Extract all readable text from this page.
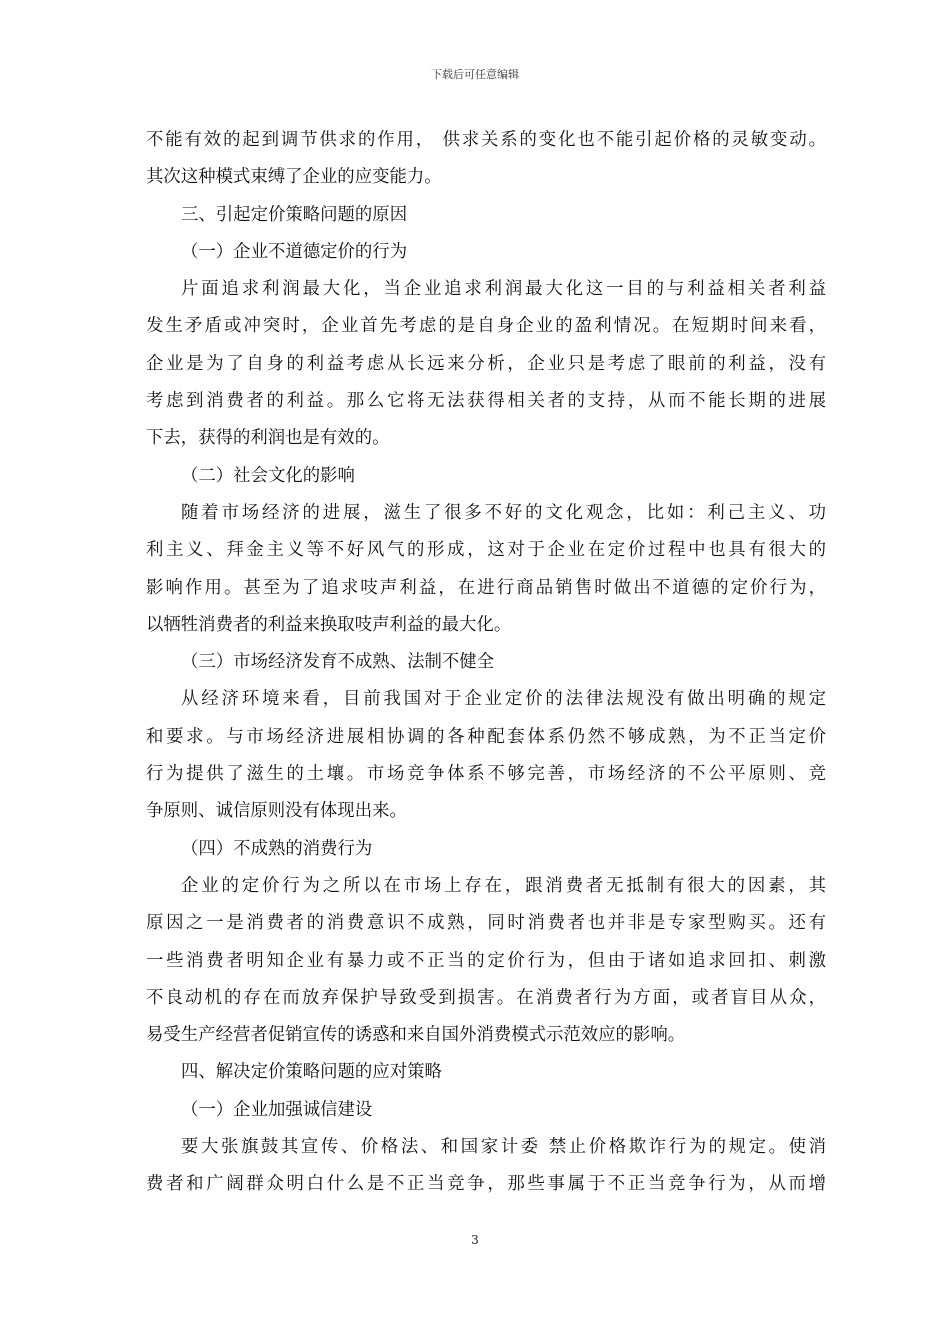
下载后可任意编辑
不能有效的起到调节供求的作用， 供求关系的变化也不能引起价格的灵敏变动。
其次这种模式束缚了企业的应变能力。
三、引起定价策略问题的原因
（一）企业不道德定价的行为
片面追求利润最大化，当企业追求利润最大化这一目的与利益相关者利益
发生矛盾或冲突时，企业首先考虑的是自身企业的盈利情况。在短期时间来看，
企业是为了自身的利益考虑从长远来分析，企业只是考虑了眼前的利益，没有
考虑到消费者的利益。那么它将无法获得相关者的支持，从而不能长期的进展
下去，获得的利润也是有效的。
（二）社会文化的影响
随着市场经济的进展，滋生了很多不好的文化观念，比如：利己主义、功
利主义、拜金主义等不好风气的形成，这对于企业在定价过程中也具有很大的
影响作用。甚至为了追求吱声利益，在进行商品销售时做出不道德的定价行为，
以牺牲消费者的利益来换取吱声利益的最大化。
（三）市场经济发育不成熟、法制不健全
从经济环境来看，目前我国对于企业定价的法律法规没有做出明确的规定
和要求。与市场经济进展相协调的各种配套体系仍然不够成熟，为不正当定价
行为提供了滋生的土壤。市场竞争体系不够完善，市场经济的不公平原则、竞
争原则、诚信原则没有体现出来。
（四）不成熟的消费行为
企业的定价行为之所以在市场上存在，跟消费者无抵制有很大的因素，其
原因之一是消费者的消费意识不成熟，同时消费者也并非是专家型购买。还有
一些消费者明知企业有暴力或不正当的定价行为，但由于诸如追求回扣、刺激
不良动机的存在而放弃保护导致受到损害。在消费者行为方面，或者盲目从众，
易受生产经营者促销宣传的诱惑和来自国外消费模式示范效应的影响。
四、解决定价策略问题的应对策略
（一）企业加强诚信建设
要大张旗鼓其宣传、价格法、和国家计委 禁止价格欺诈行为的规定。使消
费者和广阔群众明白什么是不正当竞争，那些事属于不正当竞争行为，从而增
3
